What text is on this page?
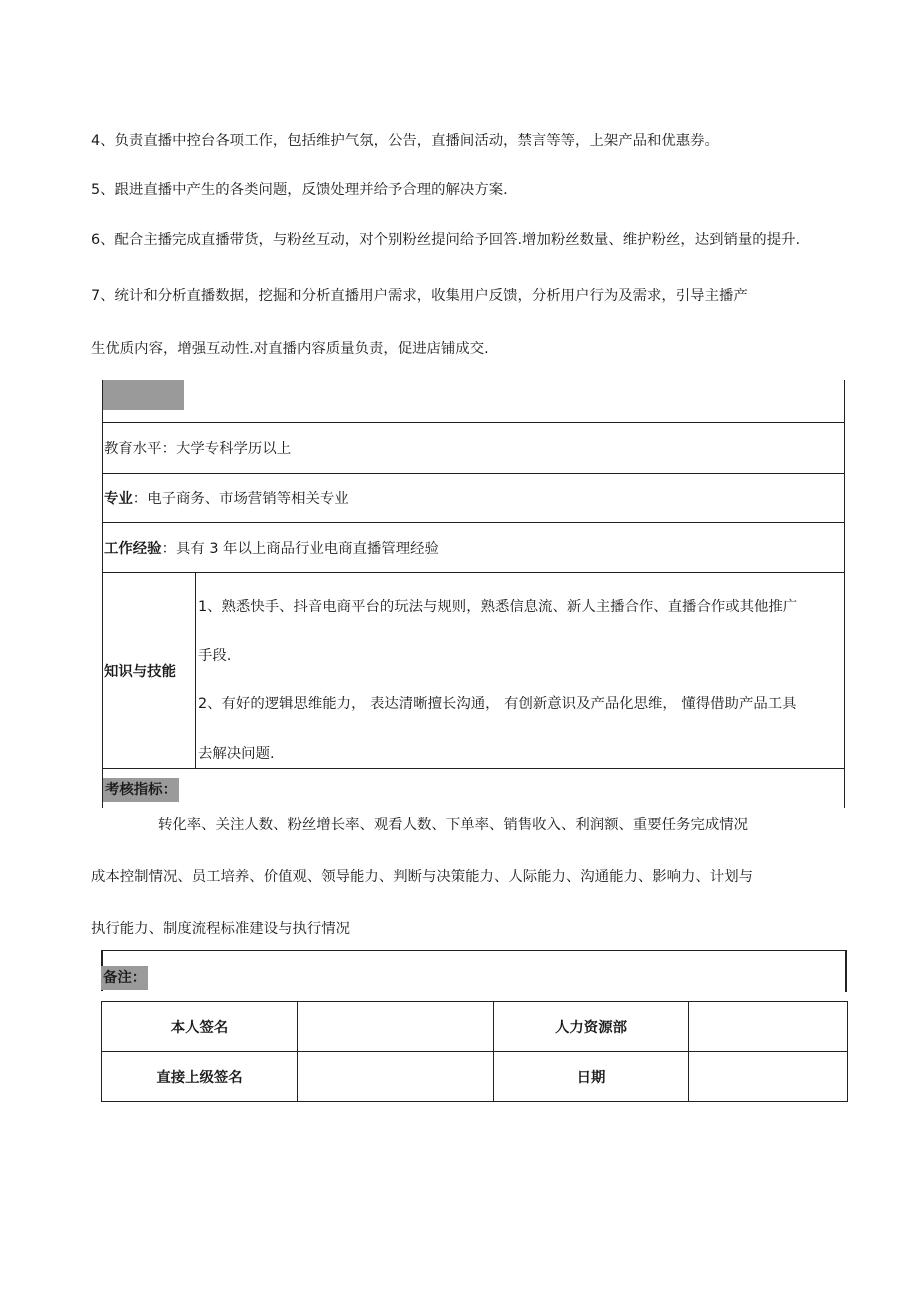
4、负责直播中控台各项工作，包括维护气氛，公告，直播间活动，禁言等等，上架产品和优惠券。
5、跟进直播中产生的各类问题，反馈处理并给予合理的解决方案.
6、配合主播完成直播带货，与粉丝互动，对个别粉丝提问给予回答.增加粉丝数量、维护粉丝，达到销量的提升.
7、统计和分析直播数据，挖掘和分析直播用户需求，收集用户反馈，分析用户行为及需求，引导主播产
生优质内容，增强互动性.对直播内容质量负责，促进店铺成交.
教育水平：大学专科学历以上
专业：电子商务、市场营销等相关专业
工作经验：具有 3 年以上商品行业电商直播管理经验
知识与技能
1、熟悉快手、抖音电商平台的玩法与规则，熟悉信息流、新人主播合作、直播合作或其他推广
手段.
2、有好的逻辑思维能力， 表达清晰擅长沟通， 有创新意识及产品化思维， 懂得借助产品工具
去解决问题.
考核指标：
转化率、关注人数、粉丝增长率、观看人数、下单率、销售收入、利润额、重要任务完成情况
成本控制情况、员工培养、价值观、领导能力、判断与决策能力、人际能力、沟通能力、影响力、计划与
执行能力、制度流程标准建设与执行情况
备注：
本人签名		人力资源部	
直接上级签名		日期	
